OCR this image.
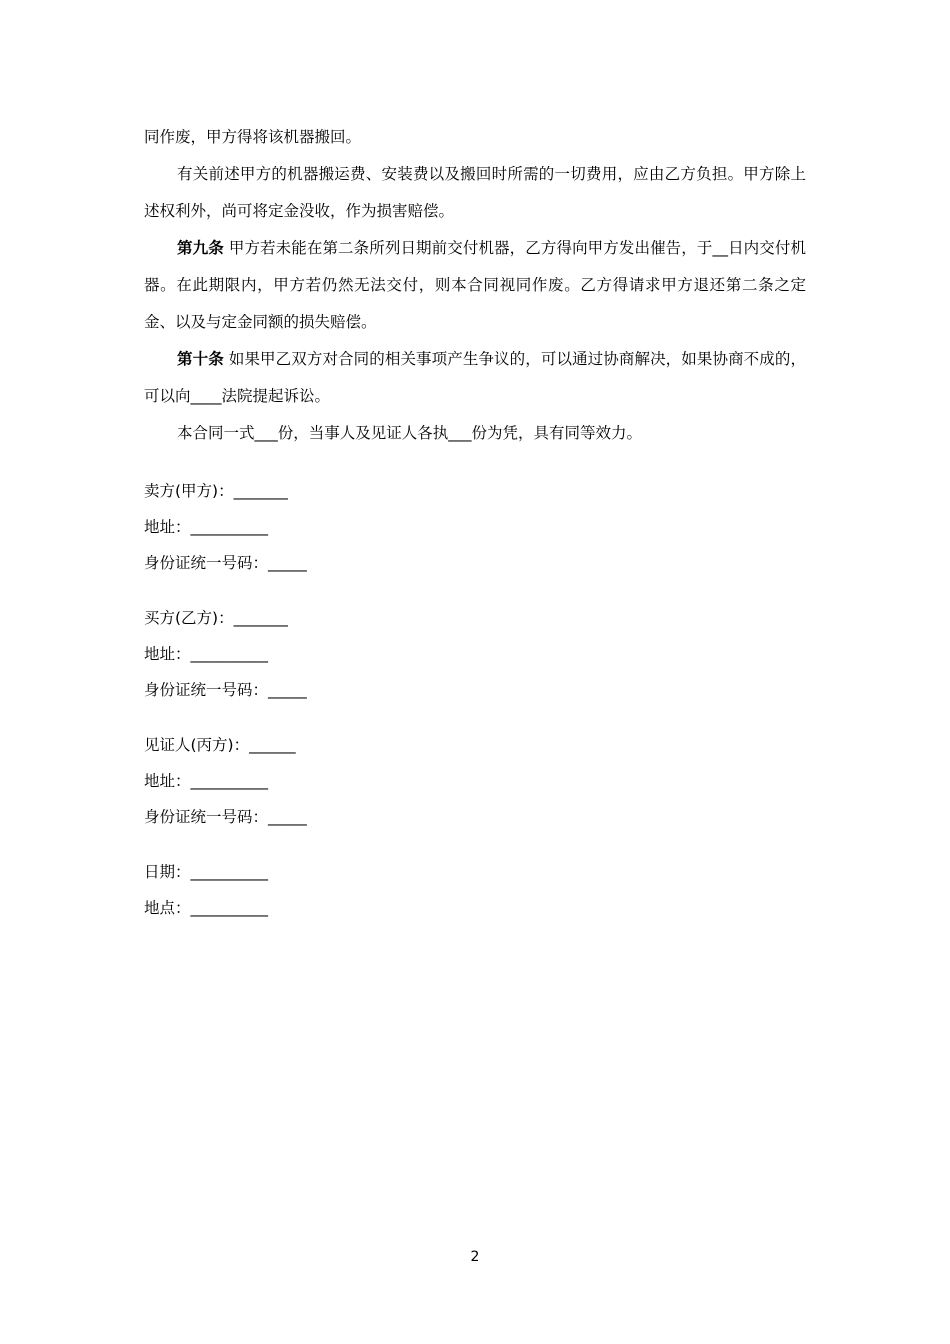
同作废，甲方得将该机器搬回。

有关前述甲方的机器搬运费、安装费以及搬回时所需的一切费用，应由乙方负担。甲方除上述权利外，尚可将定金没收，作为损害赔偿。

第九条 甲方若未能在第二条所列日期前交付机器，乙方得向甲方发出催告，于__日内交付机器。在此期限内，甲方若仍然无法交付，则本合同视同作废。乙方得请求甲方退还第二条之定金、以及与定金同额的损失赔偿。

第十条 如果甲乙双方对合同的相关事项产生争议的，可以通过协商解决，如果协商不成的，可以向____法院提起诉讼。

本合同一式___份，当事人及见证人各执___份为凭，具有同等效力。

卖方(甲方)：_______
地址：__________
身份证统一号码：_____
买方(乙方)：_______
地址：__________
身份证统一号码：_____
见证人(丙方)：______
地址：__________
身份证统一号码：_____
日期：__________
地点：__________
2
